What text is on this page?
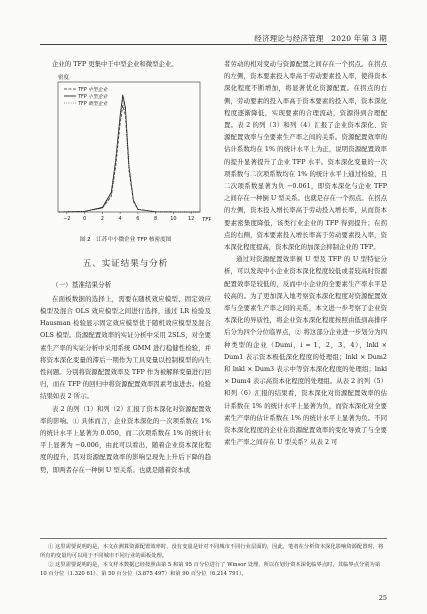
经济理论与经济管理　2020 年第 3 期

企业的 TFP 更集中于中型企业和微型企业。

密度
TFP
−2 0	2	4	6	8	10 12
TFP 中型企业
TFP 小型企业
TFP 微型企业
图 2　江苏中小微企业 TFP 核密度图
五、实证结果与分析
（一）基准结果分析

在面板数据的选择上，需要在随机效应模型、固定效应模型及混合 OLS 效应模型之间进行选择，通过 LR 检验及 Hausman 检验显示固定效应模型优于随机效应模型及混合 OLS 模型。资源配置效率的实证分析中采用 2SLS，对全要素生产率的实证分析中采用系统 GMM 进行稳健性检验，并将资本深化变量的滞后一期作为工具变量以控制模型的内生性问题。分别将资源配置效率及 TFP 作为被解释变量进行回归，而在 TFP 的回归中将资源配置效率因素考虑进去。检验结果如表 2 所示。

表 2 的列（1）和列（2）汇报了资本深化对资源配置效率的影响。① 具体而言，企业资本深化的一次项系数在 1% 的统计水平上显著为 0.050，而二次项系数在 1% 的统计水平上显著为 −0.006，由此可以看出，随着企业资本深化程度的提升，其对资源配置效率的影响呈现先上升后下降的趋势，即两者存在一种倒 U 型关系。也就是随着资本或

者劳动的相对变动与资源配置之间存在一个拐点。在拐点的左侧，资本要素投入率高于劳动要素投入率，使得资本深化程度不断增加，将显著优化资源配置。在拐点的右侧，劳动要素的投入率高于资本要素的投入率，资本深化程度逐渐降低，实现要素的合理流动，资源得到合理配置。表 2 的列（3）和列（4）汇报了企业资本深化、资源配置效率与全要素生产率之间的关系。资源配置效率的估计系数均在 1% 的统计水平上为正，说明资源配置效率的提升显著提升了企业 TFP 水平。资本深化变量的一次项系数与二次项系数均在 1% 的统计水平上通过检验，且二次项系数显著为负 −0.061，即资本深化与企业 TFP 之间存在一种倒 U 型关系。也就是存在一个拐点。在拐点的左侧，资本投入增长率高于劳动投入增长率，从而资本要素密集度降低，该类行业企业的 TFP 得到提升；在拐点的右侧，资本要素投入增长率高于劳动要素投入率，资本深化程度提高，资本深化的加深会抑制企业的 TFP。

通过对资源配置效率倒 U 型及 TFP 的 U 型特征分析，可以发现中小企业资本深化程度较低或者较高时资源配置效率是较低的，反而中小企业的全要素生产率水平是较高的。为了更加深入地考察资本深化程度对资源配置效率与全要素生产率之间的关系，本文进一步考察了企业资本深化的异质性，将企业资本深化程度按照由低到高排序后分为四个分位临界点，② 将这部分企业进一步划分为四种类型的企业（Dumi，i = 1，2，3，4），lnkl × Dum1 表示资本极低深化程度的处理组；lnkl × Dum2 和 lnkl × Dum3 表示中等资本深化程度的处理组；lnkl × Dum4 表示高资本化程度的处理组。从表 2 的列（5）和列（6）汇报的结果看，资本深化对资源配置效率的估计系数在 1% 的统计水平上显著为负，而资本深化对全要素生产率的估计系数在 1% 的统计水平上显著为负。不同资本深化程度的企业在资源配置效率的变化导致了与全要素生产率之间存在 U 型关系？从表 2 可

① 这里需要说明的是，本文在测算资源配置效率时，没有变量是针对不同城市不同行业层面的，因此，笔者在分析资本深化影响资源配置时，将所有的变量均可以用于不同城市不同行业的面板处理。
② 这里需要说明的是，本文样本数据已经按照由第 5 和第 95 百分位进行了 Winsor 处理，所以在划分资本深化临界点时，其临界点分别为第 10 百分位（1.320 61）、第 50 百分位（3.875 497）和第 90 百分位（6.214 791）。
25
